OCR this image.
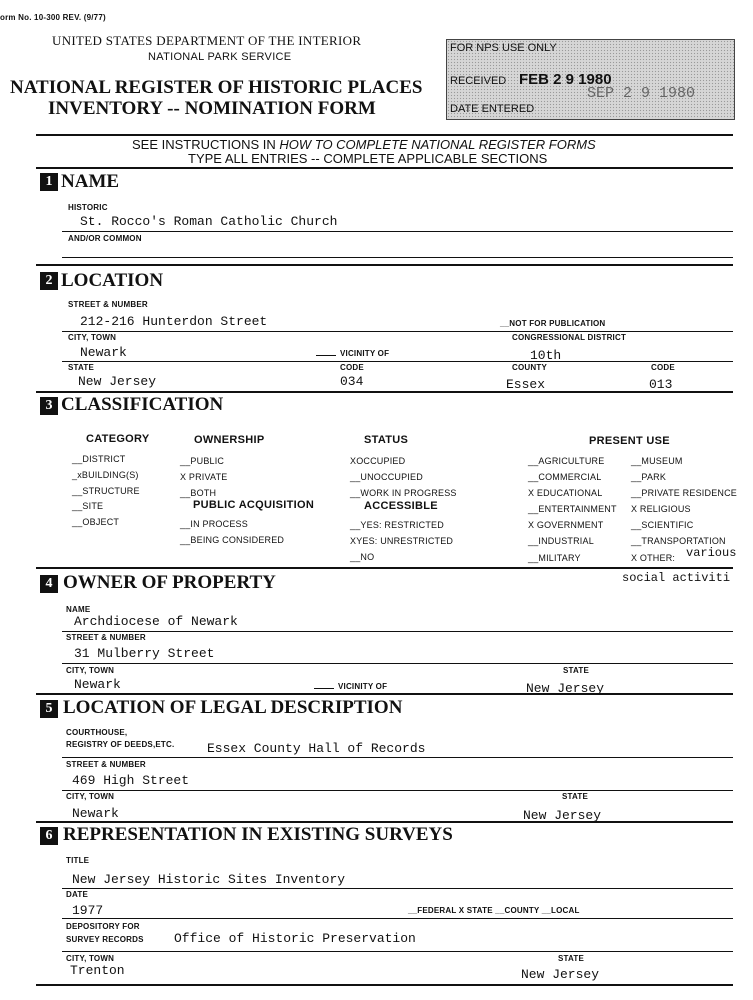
orm No. 10-300 REV. (9/77)
UNITED STATES DEPARTMENT OF THE INTERIOR
NATIONAL PARK SERVICE
NATIONAL REGISTER OF HISTORIC PLACES
INVENTORY -- NOMINATION FORM
FOR NPS USE ONLY
RECEIVED FEB 2 9 1980
DATE ENTERED
SEP 2 9 1980
SEE INSTRUCTIONS IN HOW TO COMPLETE NATIONAL REGISTER FORMS
TYPE ALL ENTRIES -- COMPLETE APPLICABLE SECTIONS
1 NAME
HISTORIC
St. Rocco's Roman Catholic Church
AND/OR COMMON
2 LOCATION
STREET & NUMBER
212-216 Hunterdon Street	__NOT FOR PUBLICATION
CITY, TOWN	CONGRESSIONAL DISTRICT
Newark	VICINITY OF	10th
STATE	CODE	COUNTY	CODE
New Jersey	034	Essex	013
3 CLASSIFICATION
CATEGORY	OWNERSHIP	STATUS	PRESENT USE
__DISTRICT
_xBUILDING(S)
__STRUCTURE
__SITE
__OBJECT
__PUBLIC
X PRIVATE
__BOTH
PUBLIC ACQUISITION
__IN PROCESS
__BEING CONSIDERED
XOCCUPIED
__UNOCCUPIED
__WORK IN PROGRESS
ACCESSIBLE
__YES: RESTRICTED
XYES: UNRESTRICTED
__NO
__AGRICULTURE
__COMMERCIAL
X EDUCATIONAL
__ENTERTAINMENT
X GOVERNMENT
__INDUSTRIAL
__MILITARY
__MUSEUM
__PARK
__PRIVATE RESIDENCE
X RELIGIOUS
__SCIENTIFIC
__TRANSPORTATION
X OTHER: various
social activiti
4 OWNER OF PROPERTY
NAME
Archdiocese of Newark
STREET & NUMBER
31 Mulberry Street
CITY, TOWN	STATE
Newark	VICINITY OF	New Jersey
5 LOCATION OF LEGAL DESCRIPTION
COURTHOUSE,
REGISTRY OF DEEDS,ETC.	Essex County Hall of Records
STREET & NUMBER
469 High Street
CITY, TOWN	STATE
Newark	New Jersey
6 REPRESENTATION IN EXISTING SURVEYS
TITLE
New Jersey Historic Sites Inventory
DATE
1977	__FEDERAL X STATE __COUNTY __LOCAL
DEPOSITORY FOR
SURVEY RECORDS Office of Historic Preservation
CITY, TOWN	STATE
Trenton	New Jersey
